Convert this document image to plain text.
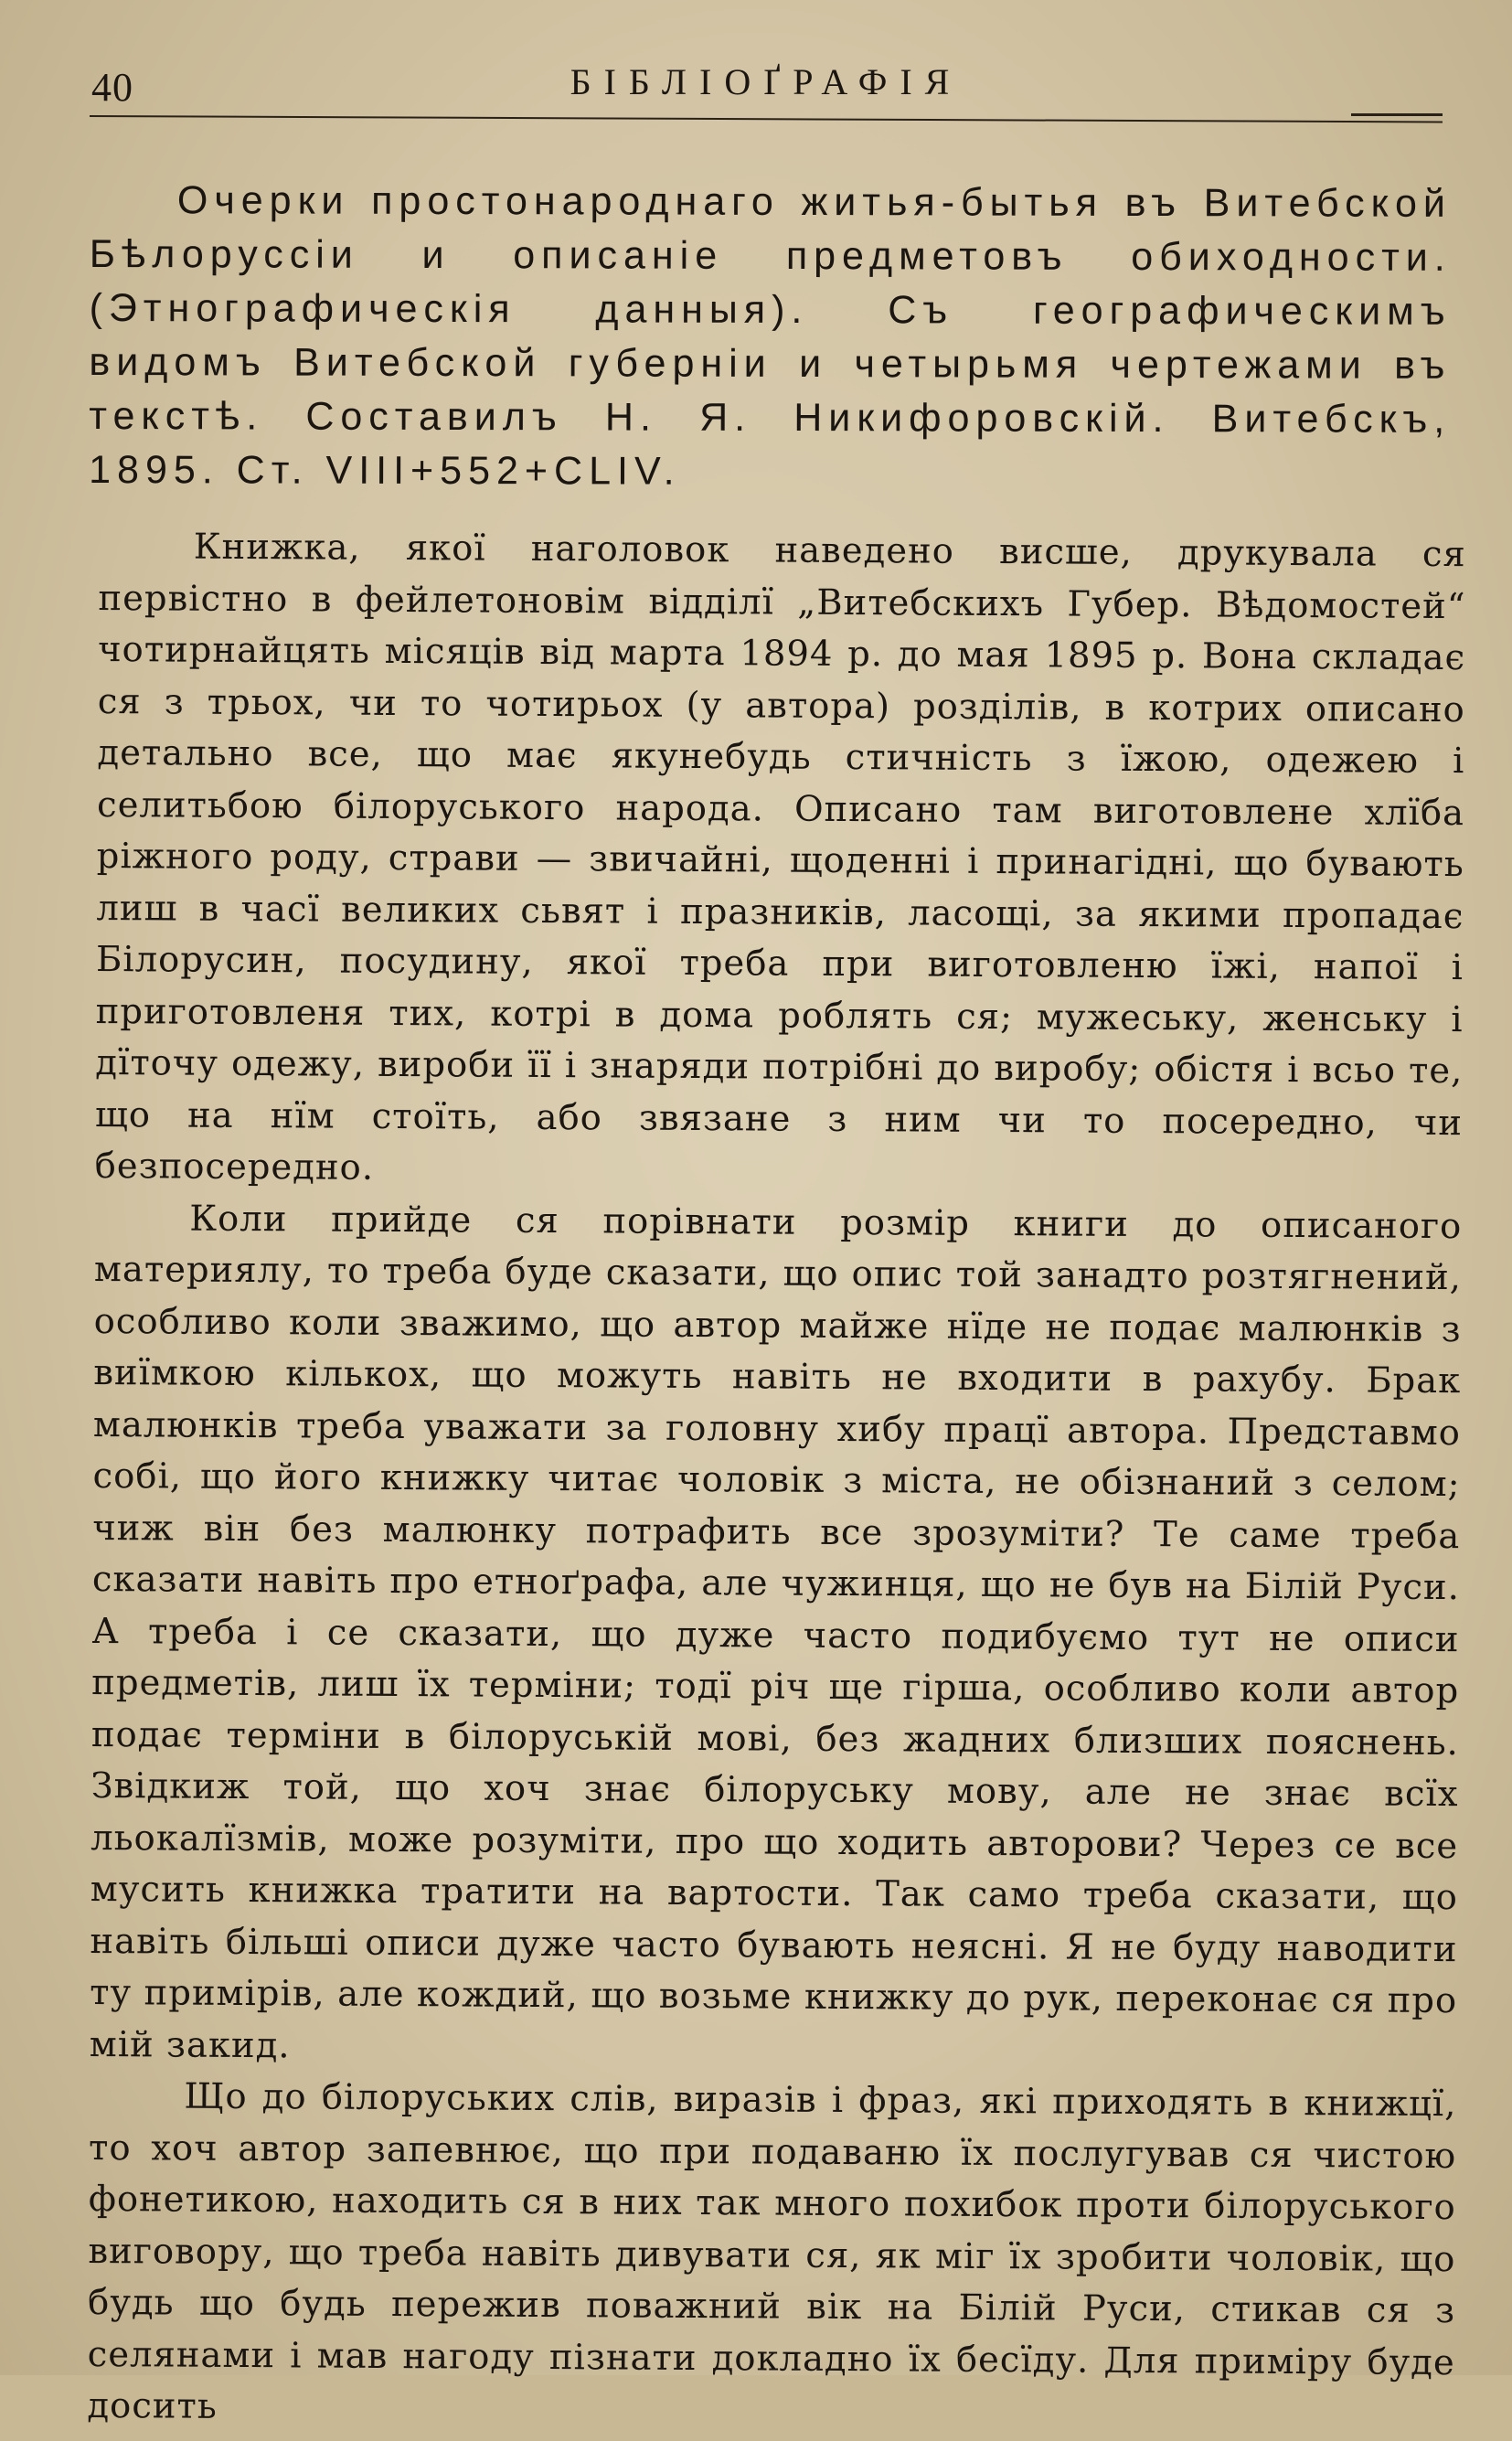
40	БІБЛІОҐРАФІЯ
Очерки простонароднаго житья-бытья въ Витебской Бѣлоруссіи и описаніе предметовъ обиходности. (Этнографическія данныя). Съ географическимъ видомъ Витебской губерніи и четырьмя чертежами въ текстѣ. Составилъ Н. Я. Никифоровскій. Витебскъ, 1895. Ст. VIII+552+CLIV.

Книжка, якої наголовок наведено висше, друкувала ся первістно в фейлетоновім відділї „Витебскихъ Губер. Вѣдомостей“ чотирнайцять місяців від марта 1894 р. до мая 1895 р. Вона складає ся з трьох, чи то чотирьох (у автора) розділів, в котрих описано детально все, що має якунебудь стичність з їжою, одежею і селитьбою білоруського народа. Описано там виготовлене хлїба ріжного роду, страви — звичайні, щоденні і принагідні, що бувають лиш в часї великих сьвят і празників, ласощі, за якими пропадає Білорусин, посудину, якої треба при виготовленю їжі, напої і приготовленя тих, котрі в дома роблять ся; мужеську, женську і дїточу одежу, вироби її і знаряди потрібні до виробу; обістя і всьо те, що на нїм стоїть, або звязане з ним чи то посередно, чи безпосередно.

Коли прийде ся порівнати розмір книги до описаного материялу, то треба буде сказати, що опис той занадто розтягнений, особливо коли зважимо, що автор майже нїде не подає малюнків з виїмкою кількох, що можуть навіть не входити в рахубу. Брак малюнків треба уважати за головну хибу працї автора. Представмо собі, що його книжку читає чоловік з міста, не обізнаний з селом; чиж він без малюнку потрафить все зрозуміти? Те саме треба сказати навіть про етноґрафа, але чужинця, що не був на Білій Руси. А треба і се сказати, що дуже часто подибуємо тут не описи предметів, лиш їх терміни; тодї річ ще гірша, особливо коли автор подає терміни в білоруській мові, без жадних близших пояснень. Звідкиж той, що хоч знає білоруську мову, але не знає всїх льокалїзмів, може розуміти, про що ходить авторови? Через се все мусить книжка тратити на вартости. Так само треба сказати, що навіть більші описи дуже часто бувають неясні. Я не буду наводити ту примірів, але кождий, що возьме книжку до рук, переконає ся про мій закид.

Що до білоруських слів, виразів і фраз, які приходять в книжцї, то хоч автор запевнює, що при подаваню їх послугував ся чистою фонетикою, находить ся в них так много похибок проти білоруського виговору, що треба навіть дивувати ся, як міг їх зробити чоловік, що будь що будь пережив поважний вік на Білій Руси, стикав ся з селянами і мав нагоду пізнати докладно їх бесїду. Для приміру буде досить
